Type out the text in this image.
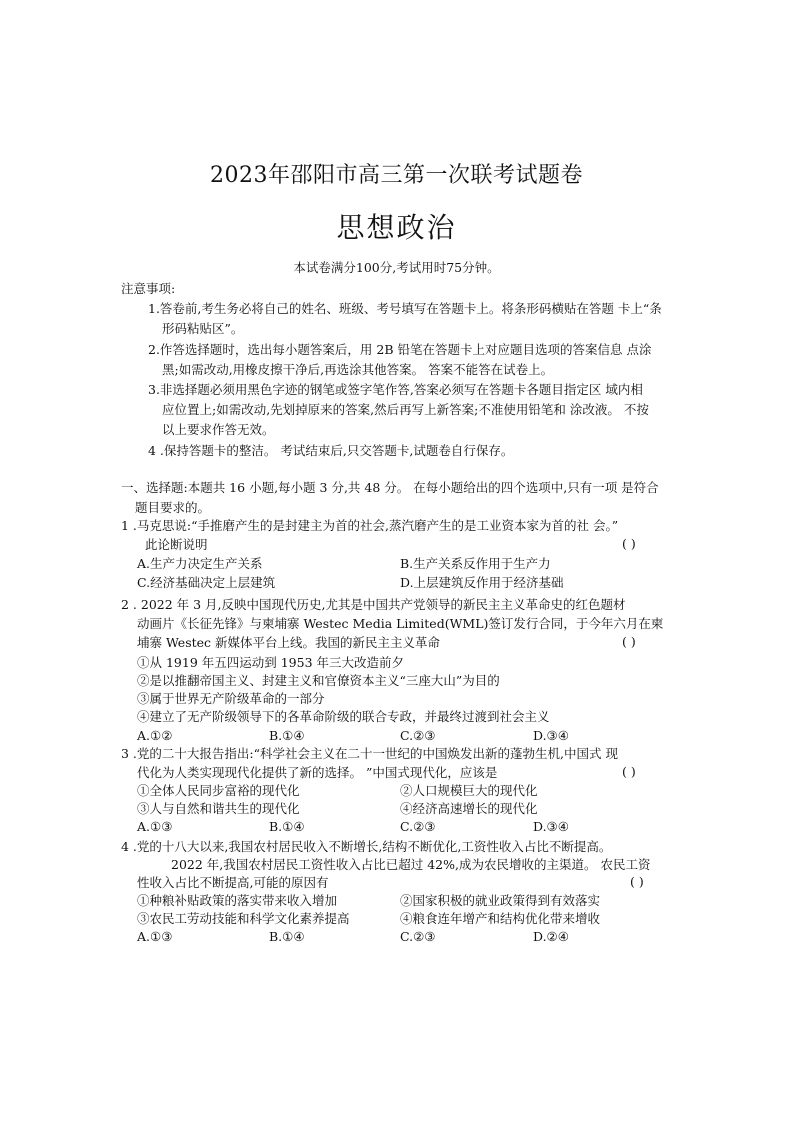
2023年邵阳市高三第一次联考试题卷
思想政治
本试卷满分100分,考试用时75分钟。
注意事项:
1.答卷前,考生务必将自己的姓名、班级、考号填写在答题卡上。将条形码横贴在答题 卡上“条
形码粘贴区”。
2.作答选择题时，选出每小题答案后，用 2B 铅笔在答题卡上对应题目选项的答案信息 点涂
黑;如需改动,用橡皮擦干净后,再选涂其他答案。 答案不能答在试卷上。
3.非选择题必须用黑色字迹的钢笔或签字笔作答,答案必须写在答题卡各题目指定区 域内相
应位置上;如需改动,先划掉原来的答案,然后再写上新答案;不准使用铅笔和 涂改液。 不按
以上要求作答无效。
4 .保持答题卡的整洁。 考试结束后,只交答题卡,试题卷自行保存。
一、选择题:本题共 16 小题,每小题 3 分,共 48 分。 在每小题给出的四个选项中,只有一项 是符合
题目要求的。
1 .马克思说:“手推磨产生的是封建主为首的社会,蒸汽磨产生的是工业资本家为首的社 会。”
此论断说明	( )
A.生产力决定生产关系	B.生产关系反作用于生产力
C.经济基础决定上层建筑	D.上层建筑反作用于经济基础
2 . 2022 年 3 月,反映中国现代历史,尤其是中国共产党领导的新民主主义革命史的红色题材
动画片《长征先锋》与柬埔寨 Westec Media Limited(WML)签订发行合同，于今年六月在柬
埔寨 Westec 新媒体平台上线。我国的新民主主义革命	( )
①从 1919 年五四运动到 1953 年三大改造前夕
②是以推翻帝国主义、封建主义和官僚资本主义“三座大山”为目的
③属于世界无产阶级革命的一部分
④建立了无产阶级领导下的各革命阶级的联合专政，并最终过渡到社会主义
A.①②	B.①④	C.②③	D.③④
3 .党的二十大报告指出:“科学社会主义在二十一世纪的中国焕发出新的蓬勃生机,中国式 现
代化为人类实现现代化提供了新的选择。 ”中国式现代化，应该是	( )
①全体人民同步富裕的现代化	②人口规模巨大的现代化
③人与自然和谐共生的现代化	④经济高速增长的现代化
A.①③	B.①④	C.②③	D.③④
4 .党的十八大以来,我国农村居民收入不断增长,结构不断优化,工资性收入占比不断提高。
2022 年,我国农村居民工资性收入占比已超过 42%,成为农民增收的主渠道。 农民工资
性收入占比不断提高,可能的原因有	( )
①种粮补贴政策的落实带来收入增加	②国家积极的就业政策得到有效落实
③农民工劳动技能和科学文化素养提高	④粮食连年增产和结构优化带来增收
A.①③	B.①④	C.②③	D.②④
